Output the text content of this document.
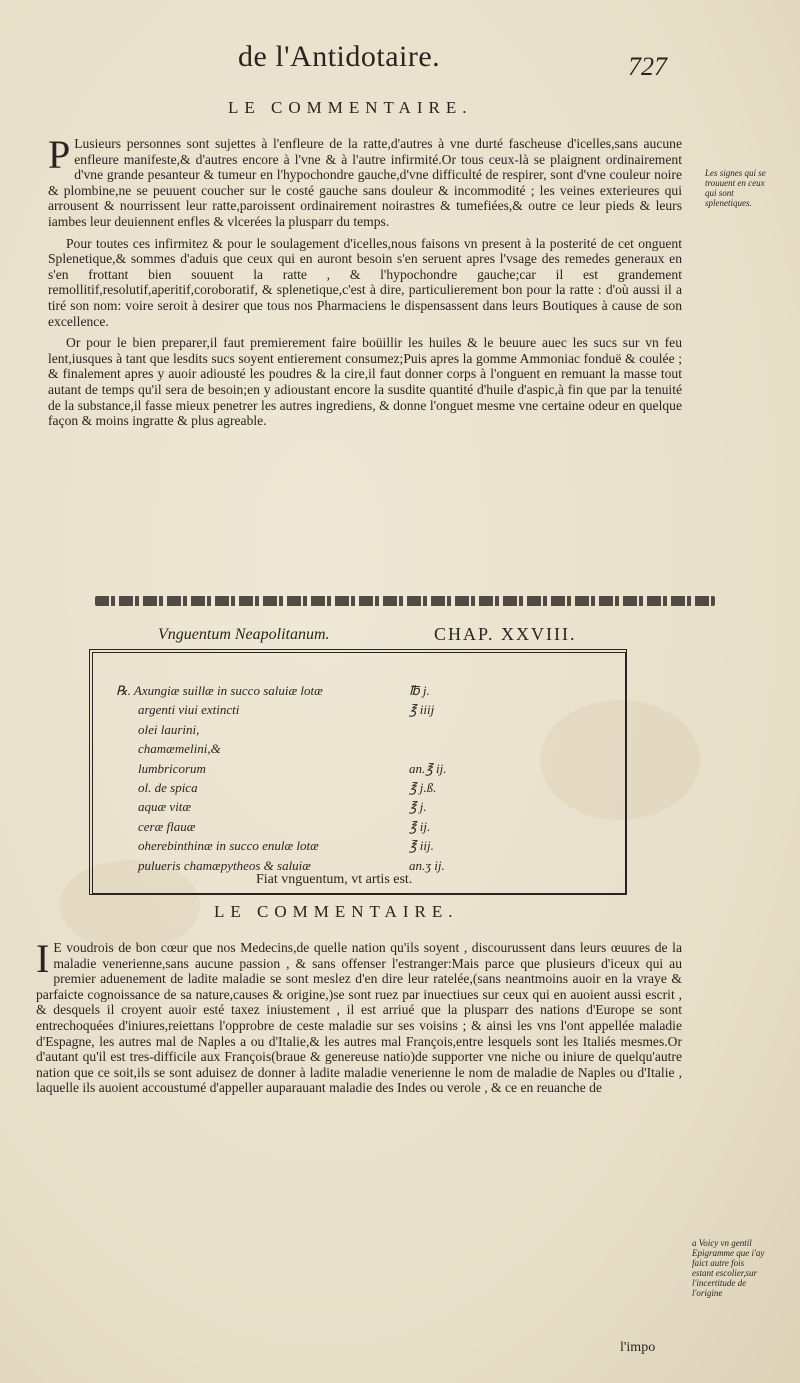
de l'Antidotaire.	727
LE COMMENTAIRE.

P Lusieurs personnes sont sujettes à l'enfleure de la ratte,d'autres à vne durté fascheuse d'icelles,sans aucune enfleure manifeste,& d'autres encore à l'vne & à l'autre infirmité.Or tous ceux-là se plaignent ordinairement d'vne grande pesanteur & tumeur en l'hypochondre gauche,d'vne difficulté de respirer, sont d'vne couleur noire & plombine,ne se peuuent coucher sur le costé gauche sans douleur & incommodité ; les veines exterieures qui arrousent & nourrissent leur ratte,paroissent ordinairement noirastres & tumefiées,& outre ce leur pieds & leurs iambes leur deuiennent enfles & vlcerées la plusparr du temps.

Pour toutes ces infirmitez & pour le soulagement d'icelles,nous faisons vn present à la posterité de cet onguent Splenetique,& sommes d'aduis que ceux qui en auront besoin s'en seruent apres l'vsage des remedes generaux en s'en frottant bien souuent la ratte , & l'hypochondre gauche;car il est grandement remollitif,resolutif,aperitif,coroboratif, & splenetique,c'est à dire, particulierement bon pour la ratte : d'où aussi il a tiré son nom: voire seroit à desirer que tous nos Pharmaciens le dispensassent dans leurs Boutiques à cause de son excellence.

Or pour le bien preparer,il faut premierement faire boüillir les huiles & le beuure auec les sucs sur vn feu lent,iusques à tant que lesdits sucs soyent entierement consumez;Puis apres la gomme Ammoniac fonduë & coulée ; & finalement apres y auoir adiousté les poudres & la cire,il faut donner corps à l'onguent en remuant la masse tout autant de temps qu'il sera de besoin;en y adioustant encore la susdite quantité d'huile d'aspic,à fin que par la tenuité de la substance,il fasse mieux penetrer les autres ingrediens, & donne l'onguet mesme vne certaine odeur en quelque façon & moins ingratte & plus agreable.

Les signes qui se trouuent en ceux qui sont splenetiques.
Vnguentum Neapolitanum.	CHAP. XXVIII.
℞. Axungiæ suillæ in succo saluiæ lotæ	℔ j.
argenti viui extincti	℥ iiij
olei laurini,
chamæmelini,&
lumbricorum	an.℥ ij.
ol. de spica	℥ j.ß.
aquæ vitæ	℥ j.
ceræ flauæ	℥ ij.
oherebinthinæ in succo enulæ lotæ	℥ iij.
pulueris chamæpytheos & saluiæ	an.ʒ ij.
Fiat vnguentum, vt artis est.
LE COMMENTAIRE.

I E voudrois de bon cœur que nos Medecins,de quelle nation qu'ils soyent , discourussent dans leurs œuures de la maladie venerienne,sans aucune passion , & sans offenser l'estranger:Mais parce que plusieurs d'iceux qui au premier aduenement de ladite maladie se sont meslez d'en dire leur ratelée,(sans neantmoins auoir en la vraye & parfaicte cognoissance de sa nature,causes & origine,)se sont ruez par inuectiues sur ceux qui en auoient aussi escrit , & desquels il croyent auoir esté taxez iniustement , il est arriué que la plusparr des nations d'Europe se sont entrechoquées d'iniures,reiettans l'opprobre de ceste maladie sur ses voisins ; & ainsi les vns l'ont appellée maladie d'Espagne, les autres mal de Naples a ou d'Italie,& les autres mal François,entre lesquels sont les Italiés mesmes.Or d'autant qu'il est tres-difficile aux François(braue & genereuse natio)de supporter vne niche ou iniure de quelqu'autre nation que ce soit,ils se sont aduisez de donner à ladite maladie venerienne le nom de maladie de Naples ou d'Italie , laquelle ils auoient accoustumé d'appeller auparauant maladie des Indes ou verole , & ce en reuanche de

a Voicy vn gentil Epigramme que i'ay faict autre fois estant escolier,sur l'incertitude de l'origine
l'impo
